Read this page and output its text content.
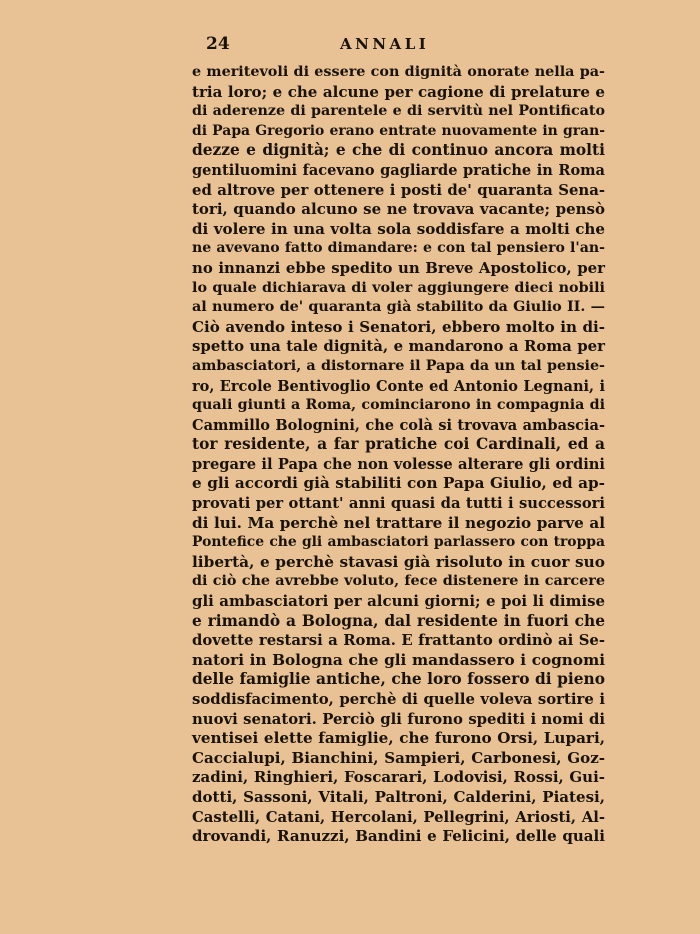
24	ANNALI
e meritevoli di essere con dignità onorate nella pa-
tria loro; e che alcune per cagione di prelature e
di aderenze di parentele e di servitù nel Pontificato
di Papa Gregorio erano entrate nuovamente in gran-
dezze e dignità; e che di continuo ancora molti
gentiluomini facevano gagliarde pratiche in Roma
ed altrove per ottenere i posti de' quaranta Sena-
tori, quando alcuno se ne trovava vacante; pensò
di volere in una volta sola soddisfare a molti che
ne avevano fatto dimandare: e con tal pensiero l'an-
no innanzi ebbe spedito un Breve Apostolico, per
lo quale dichiarava di voler aggiungere dieci nobili
al numero de' quaranta già stabilito da Giulio II. —
Ciò avendo inteso i Senatori, ebbero molto in di-
spetto una tale dignità, e mandarono a Roma per
ambasciatori, a distornare il Papa da un tal pensie-
ro, Ercole Bentivoglio Conte ed Antonio Legnani, i
quali giunti a Roma, cominciarono in compagnia di
Cammillo Bolognini, che colà si trovava ambascia-
tor residente, a far pratiche coi Cardinali, ed a
pregare il Papa che non volesse alterare gli ordini
e gli accordi già stabiliti con Papa Giulio, ed ap-
provati per ottant' anni quasi da tutti i successori
di lui. Ma perchè nel trattare il negozio parve al
Pontefice che gli ambasciatori parlassero con troppa
libertà, e perchè stavasi già risoluto in cuor suo
di ciò che avrebbe voluto, fece distenere in carcere
gli ambasciatori per alcuni giorni; e poi li dimise
e rimandò a Bologna, dal residente in fuori che
dovette restarsi a Roma. E frattanto ordinò ai Se-
natori in Bologna che gli mandassero i cognomi
delle famiglie antiche, che loro fossero di pieno
soddisfacimento, perchè di quelle voleva sortire i
nuovi senatori. Perciò gli furono spediti i nomi di
ventisei elette famiglie, che furono Orsi, Lupari,
Caccialupi, Bianchini, Sampieri, Carbonesi, Goz-
zadini, Ringhieri, Foscarari, Lodovisi, Rossi, Gui-
dotti, Sassoni, Vitali, Paltroni, Calderini, Piatesi,
Castelli, Catani, Hercolani, Pellegrini, Ariosti, Al-
drovandi, Ranuzzi, Bandini e Felicini, delle quali
